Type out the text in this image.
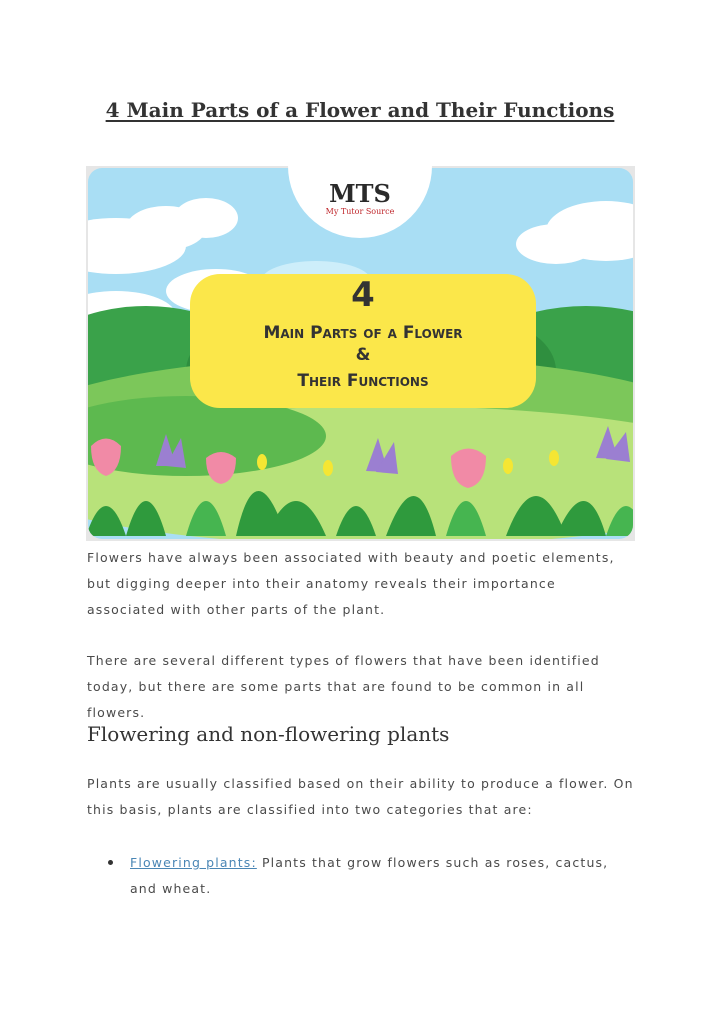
4 Main Parts of a Flower and Their Functions
MTS
My Tutor Source
4
Main Parts of a Flower
&
Their Functions

Flowers have always been associated with beauty and poetic elements, but digging deeper into their anatomy reveals their importance associated with other parts of the plant.

There are several different types of flowers that have been identified today, but there are some parts that are found to be common in all flowers.

Flowering and non-flowering plants

Plants are usually classified based on their ability to produce a flower. On this basis, plants are classified into two categories that are:

Flowering plants: Plants that grow flowers such as roses, cactus, and wheat.
